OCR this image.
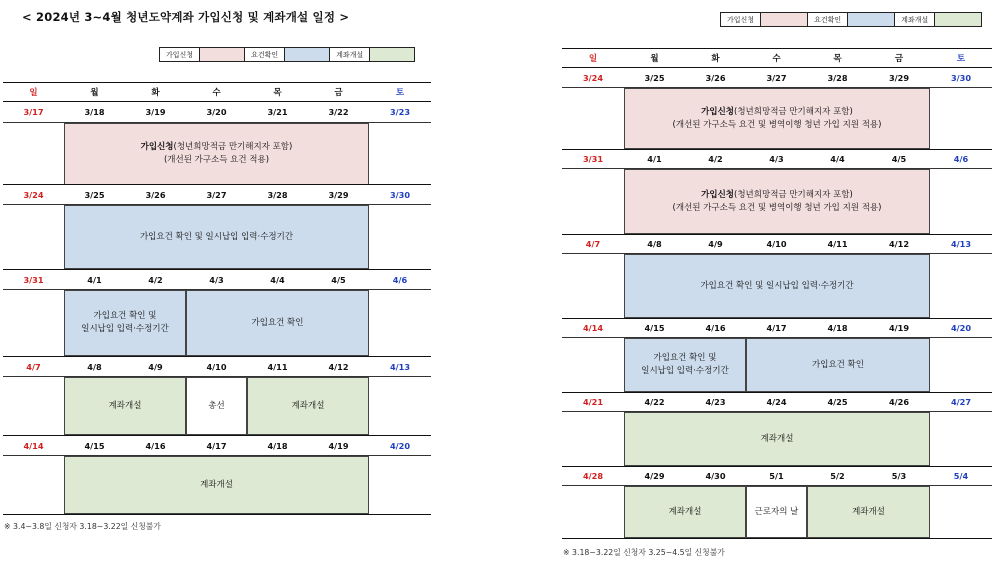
< 2024년 3~4월 청년도약계좌 가입신청 및 계좌개설 일정 >	가입신청	요건확인	계좌개설
가입신청	요건확인	계좌개설
일	월	화	수	목	금	토
3/17	3/18	3/19	3/20	3/21	3/22	3/23
가입신청(청년희망적금 만기해지자 포함)
(개선된 가구소득 요건 적용)
3/24	3/25	3/26	3/27	3/28	3/29	3/30
가입요건 확인 및 일시납입 입력·수정기간
3/31	4/1	4/2	4/3	4/4	4/5	4/6
가입요건 확인 및
일시납입 입력·수정기간
가입요건 확인
4/7	4/8	4/9	4/10	4/11	4/12	4/13
계좌개설	총선	계좌개설
4/14	4/15	4/16	4/17	4/18	4/19	4/20
계좌개설
※ 3.4~3.8일 신청자 3.18~3.22일 신청불가
일	월	화	수	목	금	토
3/24	3/25	3/26	3/27	3/28	3/29	3/30
가입신청(청년희망적금 만기해지자 포함)
(개선된 가구소득 요건 및 병역이행 청년 가입 지원 적용)
3/31	4/1	4/2	4/3	4/4	4/5	4/6
가입신청(청년희망적금 만기해지자 포함)
(개선된 가구소득 요건 및 병역이행 청년 가입 지원 적용)
4/7	4/8	4/9	4/10	4/11	4/12	4/13
가입요건 확인 및 일시납입 입력·수정기간
4/14	4/15	4/16	4/17	4/18	4/19	4/20
가입요건 확인 및
일시납입 입력·수정기간
가입요건 확인
4/21	4/22	4/23	4/24	4/25	4/26	4/27
계좌개설
4/28	4/29	4/30	5/1	5/2	5/3	5/4
계좌개설	근로자의 날	계좌개설
※ 3.18~3.22일 신청자 3.25~4.5일 신청불가
